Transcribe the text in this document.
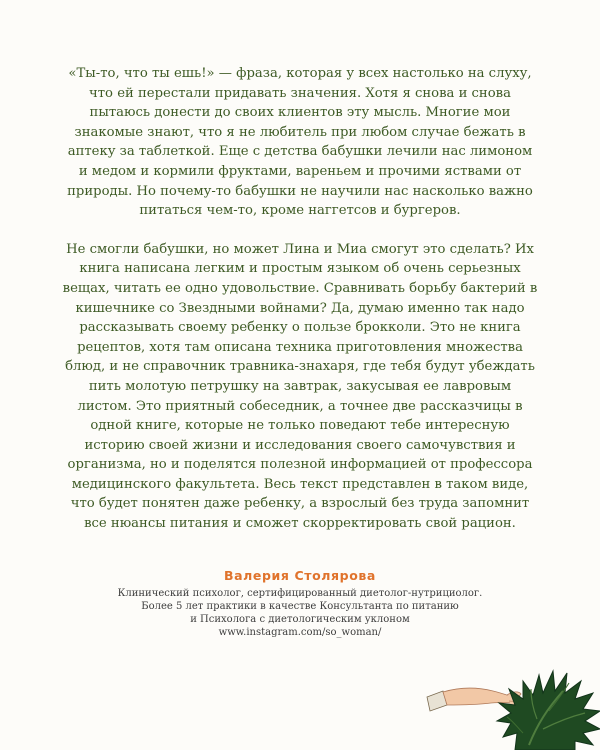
«Ты-то, что ты ешь!» — фраза, которая у всех настолько на слуху, что ей перестали придавать значения. Хотя я снова и снова пытаюсь донести до своих клиентов эту мысль. Многие мои знакомые знают, что я не любитель при любом случае бежать в аптеку за таблеткой. Еще с детства бабушки лечили нас лимоном и медом и кормили фруктами, вареньем и прочими яствами от природы. Но почему-то бабушки не научили нас насколько важно питаться чем-то, кроме наггетсов и бургеров.

Не смогли бабушки, но может Лина и Миа смогут это сделать? Их книга написана легким и простым языком об очень серьезных вещах, читать ее одно удовольствие. Сравнивать борьбу бактерий в кишечнике со Звездными войнами? Да, думаю именно так надо рассказывать своему ребенку о пользе брокколи. Это не книга рецептов, хотя там описана техника приготовления множества блюд, и не справочник травника-знахаря, где тебя будут убеждать пить молотую петрушку на завтрак, закусывая ее лавровым листом. Это приятный собеседник, а точнее две рассказчицы в одной книге, которые не только поведают тебе интересную историю своей жизни и исследования своего самочувствия и организма, но и поделятся полезной информацией от профессора медицинского факультета. Весь текст представлен в таком виде, что будет понятен даже ребенку, а взрослый без труда запомнит все нюансы питания и сможет скорректировать свой рацион.

Валерия Столярова
Клинический психолог, сертифицированный диетолог-нутрициолог.
Более 5 лет практики в качестве Консультанта по питанию
и Психолога с диетологическим уклоном
www.instagram.com/so_woman/
